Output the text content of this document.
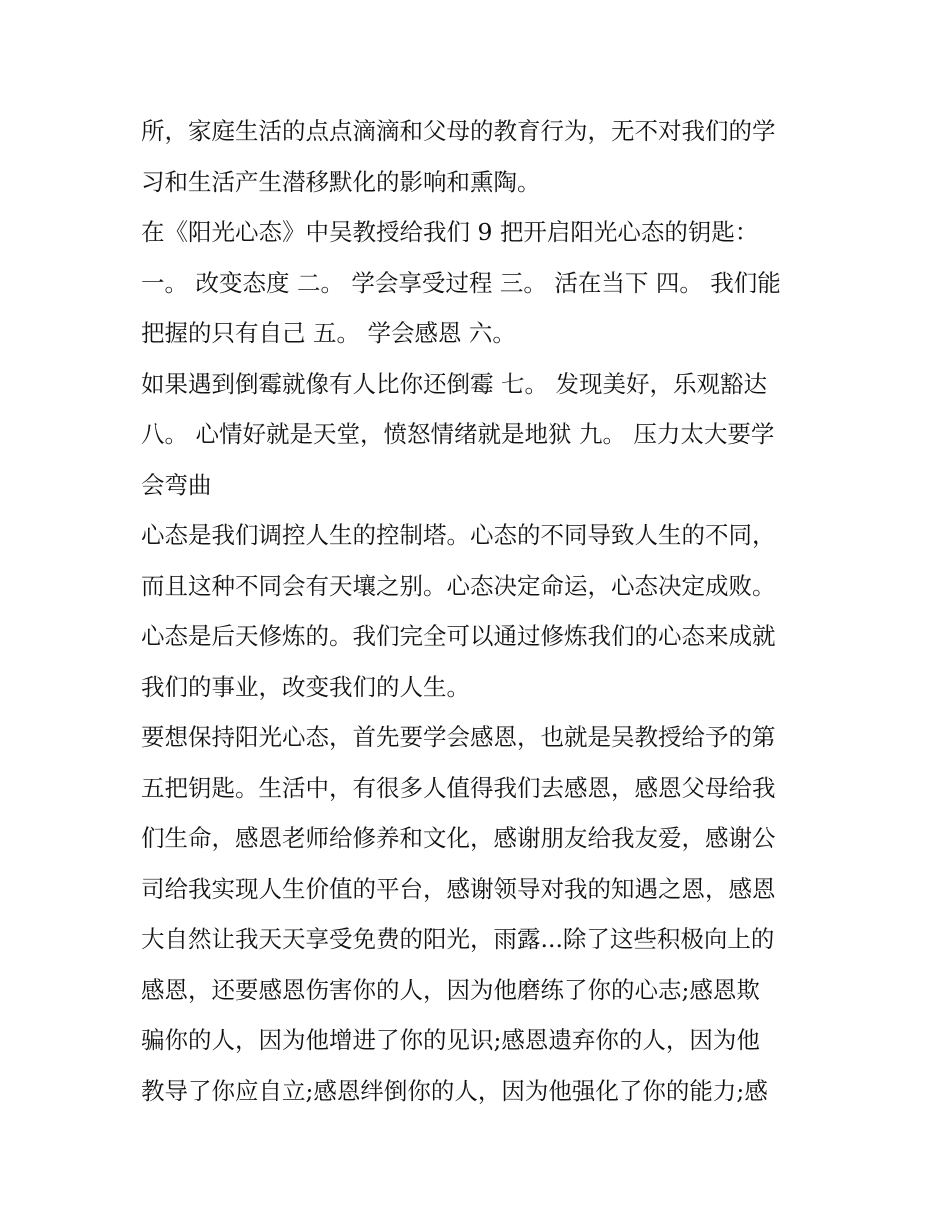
所，家庭生活的点点滴滴和父母的教育行为，无不对我们的学
习和生活产生潜移默化的影响和熏陶。
在《阳光心态》中吴教授给我们 9 把开启阳光心态的钥匙：
一。 改变态度 二。 学会享受过程 三。 活在当下 四。 我们能
把握的只有自己 五。 学会感恩 六。
如果遇到倒霉就像有人比你还倒霉 七。 发现美好，乐观豁达
八。 心情好就是天堂，愤怒情绪就是地狱 九。 压力太大要学
会弯曲
心态是我们调控人生的控制塔。心态的不同导致人生的不同，
而且这种不同会有天壤之别。心态决定命运，心态决定成败。
心态是后天修炼的。我们完全可以通过修炼我们的心态来成就
我们的事业，改变我们的人生。
要想保持阳光心态，首先要学会感恩，也就是吴教授给予的第
五把钥匙。生活中，有很多人值得我们去感恩，感恩父母给我
们生命，感恩老师给修养和文化，感谢朋友给我友爱，感谢公
司给我实现人生价值的平台，感谢领导对我的知遇之恩，感恩
大自然让我天天享受免费的阳光，雨露...除了这些积极向上的
感恩，还要感恩伤害你的人，因为他磨练了你的心志;感恩欺
骗你的人，因为他增进了你的见识;感恩遗弃你的人，因为他
教导了你应自立;感恩绊倒你的人，因为他强化了你的能力;感
